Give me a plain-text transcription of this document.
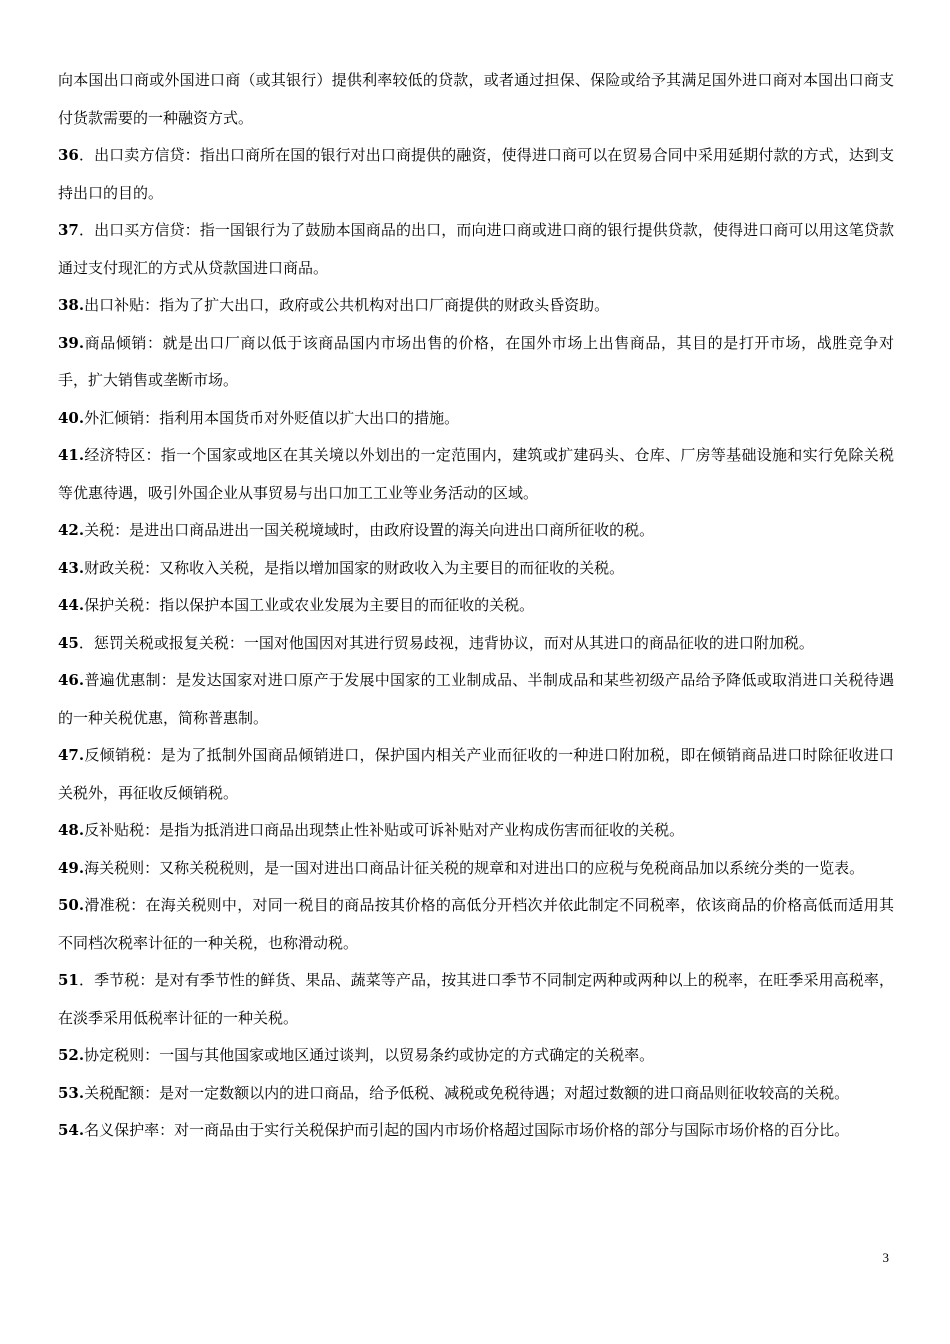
向本国出口商或外国进口商（或其银行）提供利率较低的贷款，或者通过担保、保险或给予其满足国外进口商对本国出口商支付货款需要的一种融资方式。

36．出口卖方信贷：指出口商所在国的银行对出口商提供的融资，使得进口商可以在贸易合同中采用延期付款的方式，达到支持出口的目的。

37．出口买方信贷：指一国银行为了鼓励本国商品的出口，而向进口商或进口商的银行提供贷款，使得进口商可以用这笔贷款通过支付现汇的方式从贷款国进口商品。

38.出口补贴：指为了扩大出口，政府或公共机构对出口厂商提供的财政头昏资助。

39.商品倾销：就是出口厂商以低于该商品国内市场出售的价格，在国外市场上出售商品，其目的是打开市场，战胜竞争对手，扩大销售或垄断市场。

40.外汇倾销：指利用本国货币对外贬值以扩大出口的措施。

41.经济特区：指一个国家或地区在其关境以外划出的一定范围内，建筑或扩建码头、仓库、厂房等基础设施和实行免除关税等优惠待遇，吸引外国企业从事贸易与出口加工工业等业务活动的区域。

42.关税：是进出口商品进出一国关税境域时，由政府设置的海关向进出口商所征收的税。

43.财政关税：又称收入关税，是指以增加国家的财政收入为主要目的而征收的关税。

44.保护关税：指以保护本国工业或农业发展为主要目的而征收的关税。

45．惩罚关税或报复关税：一国对他国因对其进行贸易歧视，违背协议，而对从其进口的商品征收的进口附加税。

46.普遍优惠制：是发达国家对进口原产于发展中国家的工业制成品、半制成品和某些初级产品给予降低或取消进口关税待遇的一种关税优惠，简称普惠制。

47.反倾销税：是为了抵制外国商品倾销进口，保护国内相关产业而征收的一种进口附加税，即在倾销商品进口时除征收进口关税外，再征收反倾销税。

48.反补贴税：是指为抵消进口商品出现禁止性补贴或可诉补贴对产业构成伤害而征收的关税。

49.海关税则：又称关税税则，是一国对进出口商品计征关税的规章和对进出口的应税与免税商品加以系统分类的一览表。

50.滑准税：在海关税则中，对同一税目的商品按其价格的高低分开档次并依此制定不同税率，依该商品的价格高低而适用其不同档次税率计征的一种关税，也称滑动税。

51．季节税：是对有季节性的鲜货、果品、蔬菜等产品，按其进口季节不同制定两种或两种以上的税率，在旺季采用高税率，在淡季采用低税率计征的一种关税。

52.协定税则：一国与其他国家或地区通过谈判，以贸易条约或协定的方式确定的关税率。

53.关税配额：是对一定数额以内的进口商品，给予低税、减税或免税待遇；对超过数额的进口商品则征收较高的关税。

54.名义保护率：对一商品由于实行关税保护而引起的国内市场价格超过国际市场价格的部分与国际市场价格的百分比。

3
